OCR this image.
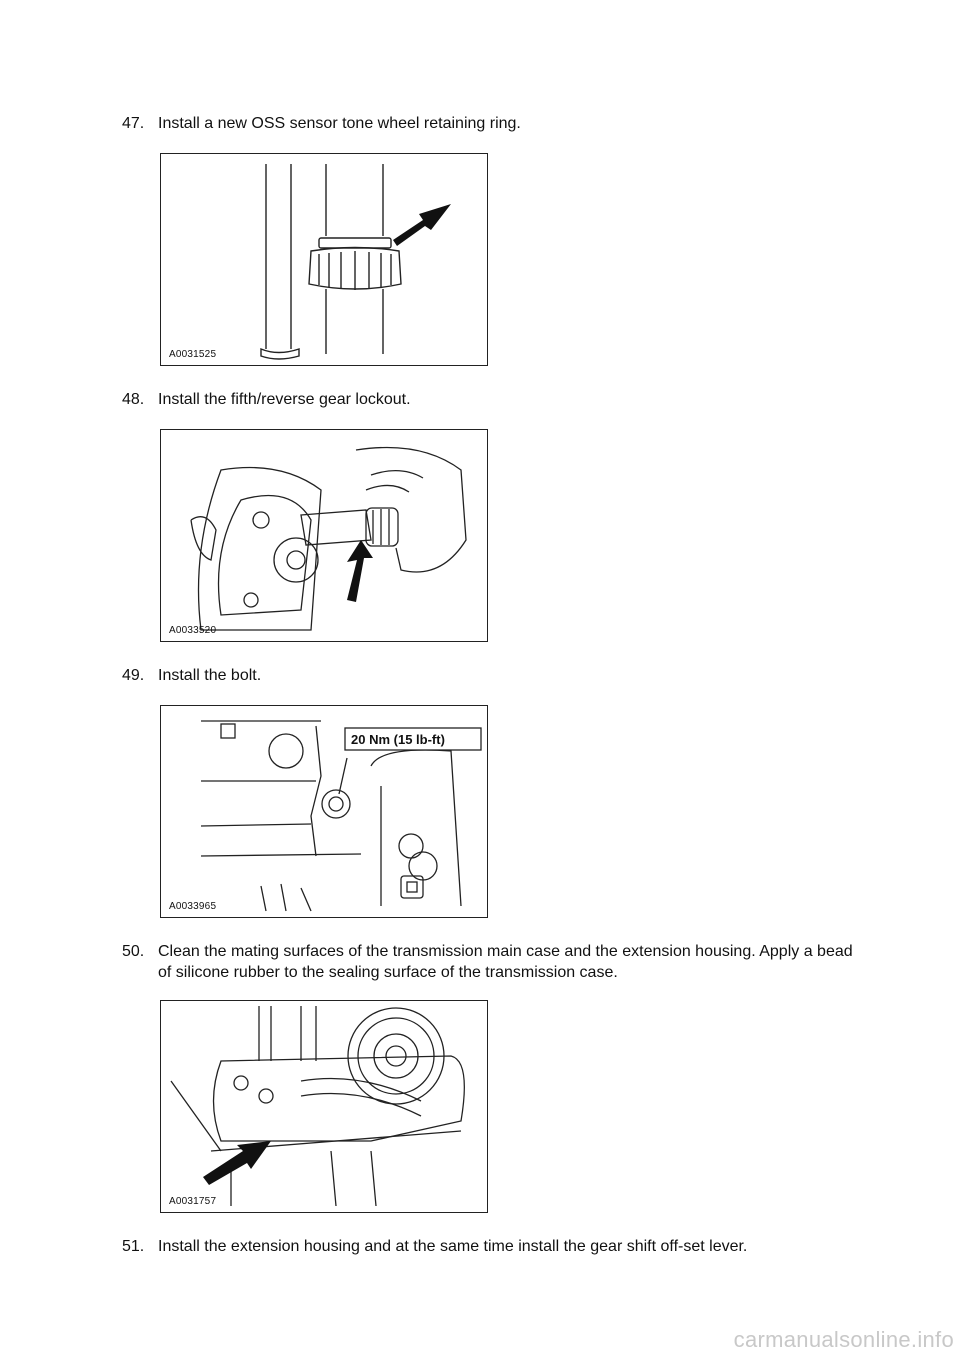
47. Install a new OSS sensor tone wheel retaining ring.
A0031525
48. Install the fifth/reverse gear lockout.
A0033520
49. Install the bolt.
20 Nm (15 lb-ft)
A0033965
50. Clean the mating surfaces of the transmission main case and the extension housing. Apply a bead of silicone rubber to the sealing surface of the transmission case.
A0031757
51. Install the extension housing and at the same time install the gear shift off-set lever.
carmanualsonline.info
